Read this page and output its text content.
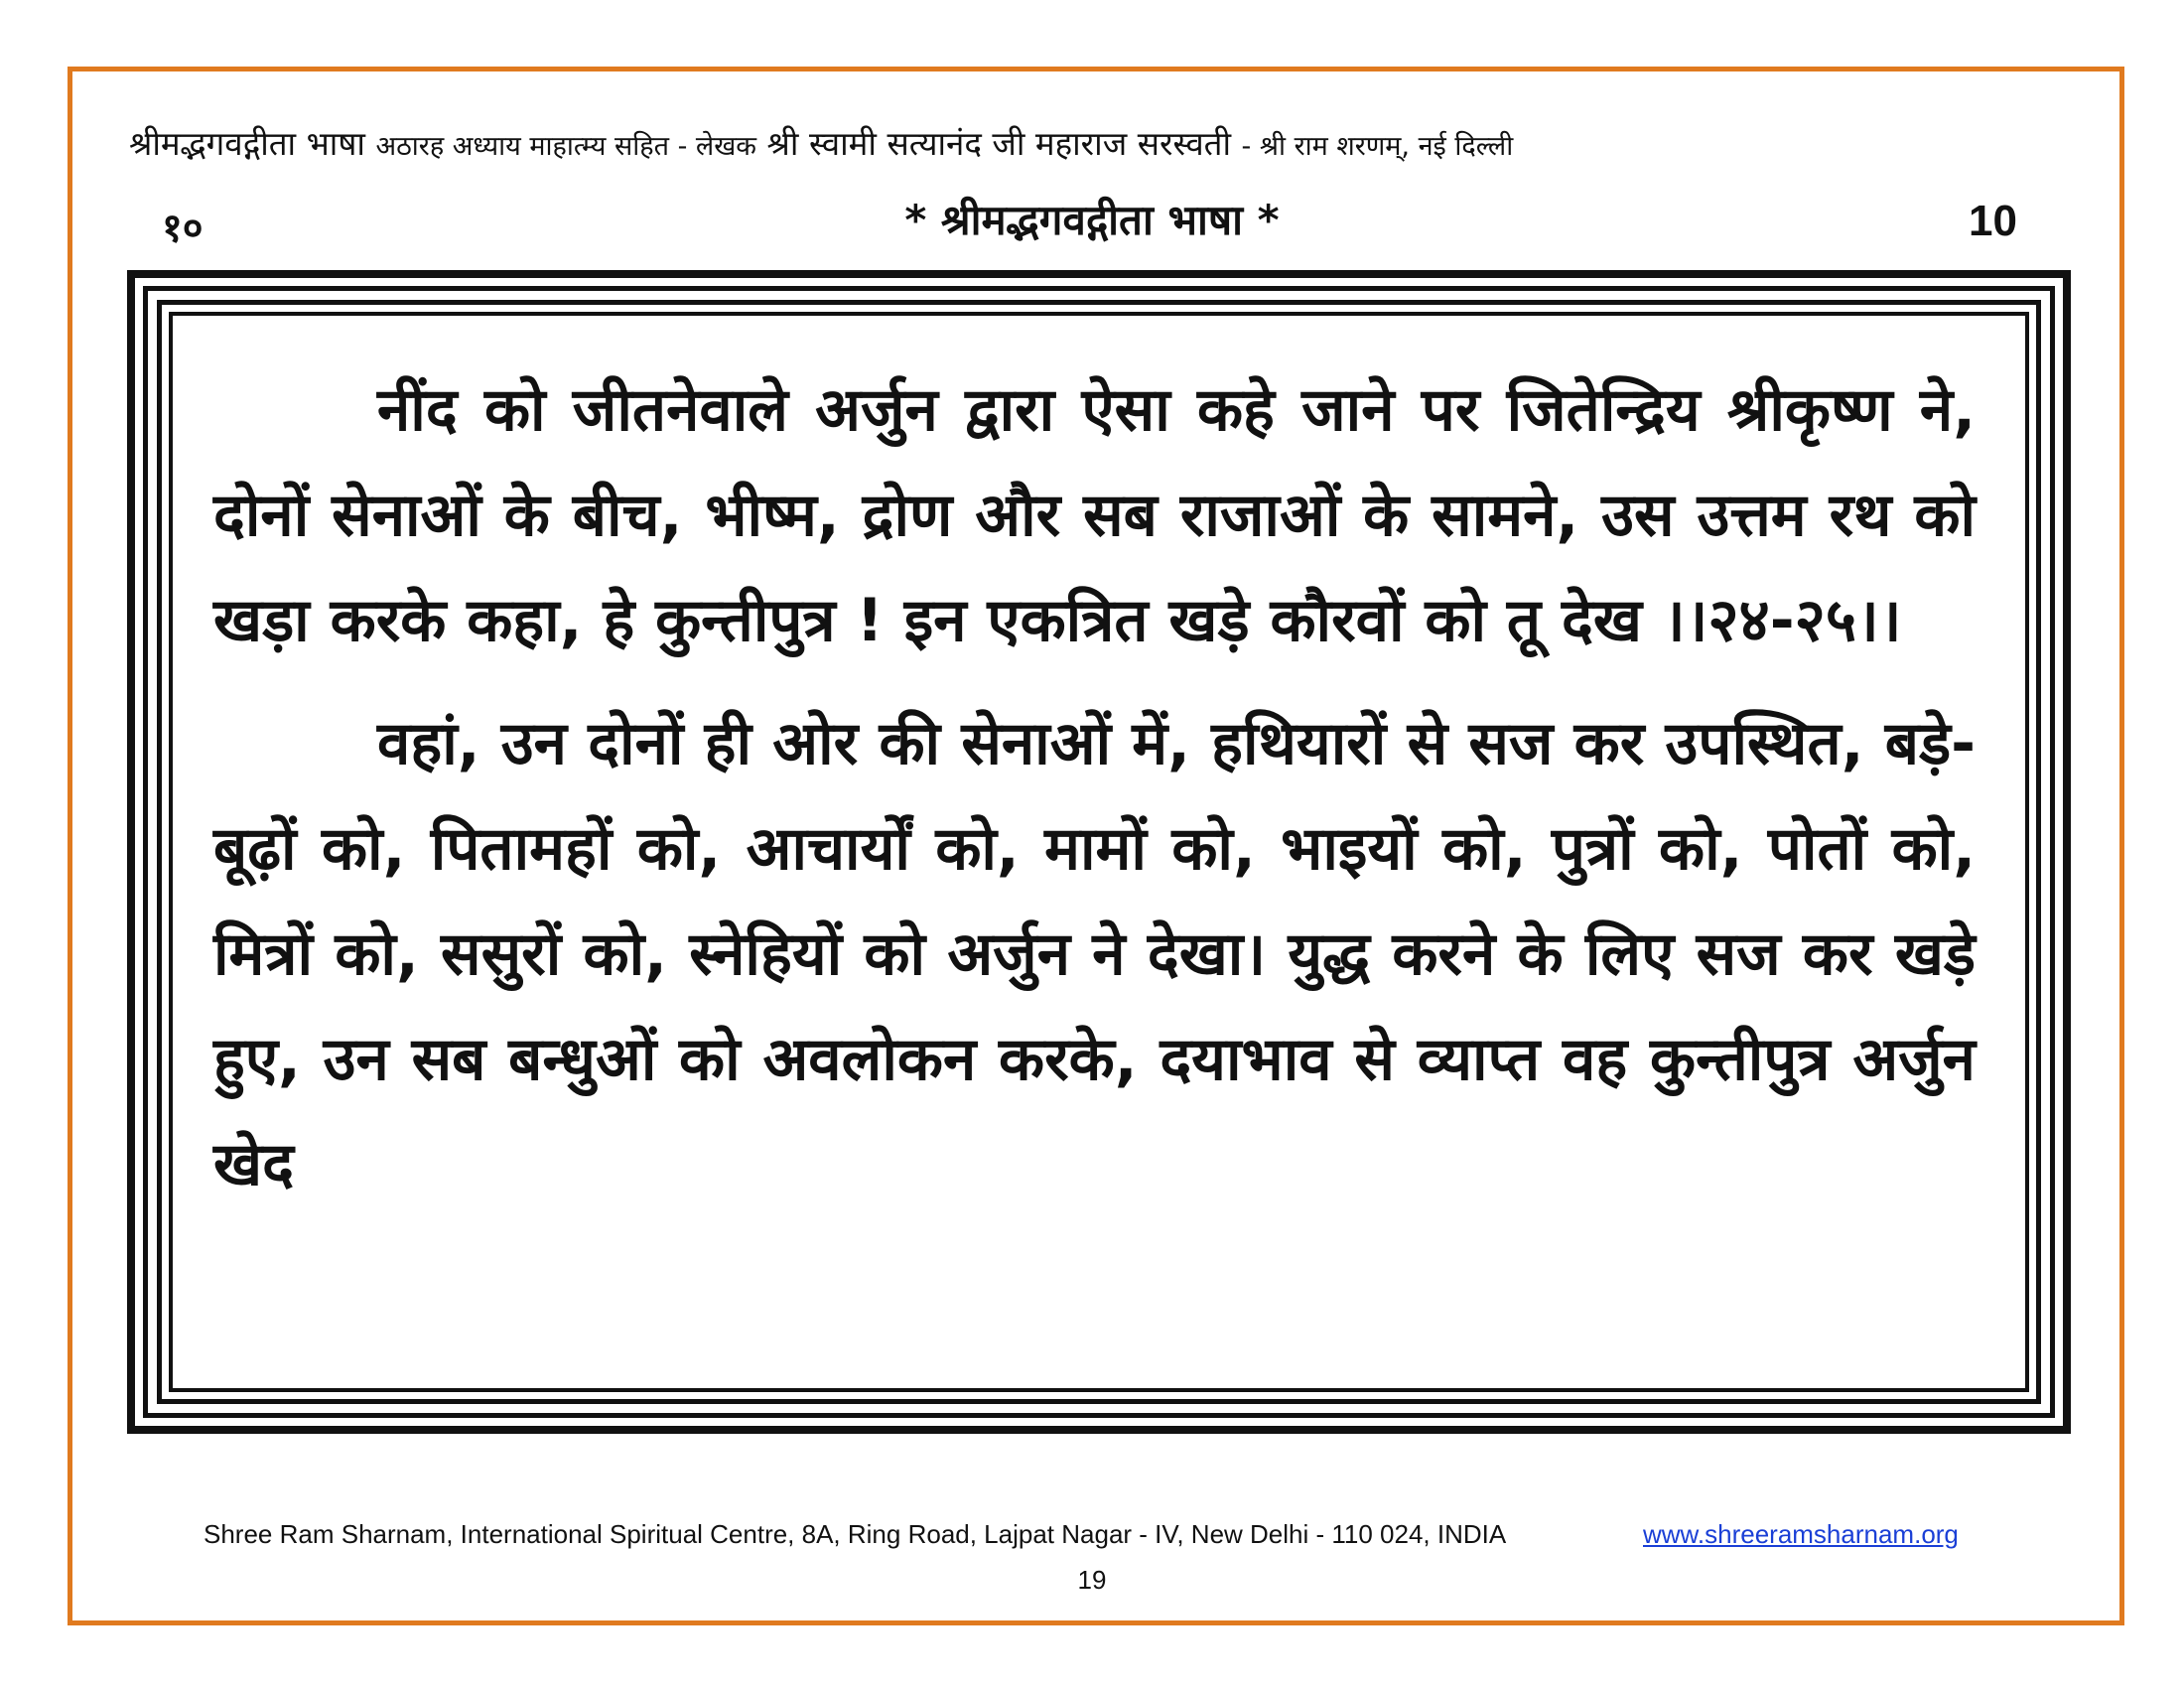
श्रीमद्भगवद्गीता भाषा अठारह अध्याय माहात्म्य सहित - लेखक श्री स्वामी सत्यानंद जी महाराज सरस्वती - श्री राम शरणम्, नई दिल्ली
१०	* श्रीमद्भगवद्गीता भाषा *	10

नींद को जीतनेवाले अर्जुन द्वारा ऐसा कहे जाने पर जितेन्द्रिय श्रीकृष्ण ने, दोनों सेनाओं के बीच, भीष्म, द्रोण और सब राजाओं के सामने, उस उत्तम रथ को खड़ा करके कहा, हे कुन्तीपुत्र ! इन एकत्रित खड़े कौरवों को तू देख ।।२४-२५।।

वहां, उन दोनों ही ओर की सेनाओं में, हथियारों से सज कर उपस्थित, बड़े-बूढ़ों को, पितामहों को, आचार्यों को, मामों को, भाइयों को, पुत्रों को, पोतों को, मित्रों को, ससुरों को, स्नेहियों को अर्जुन ने देखा। युद्ध करने के लिए सज कर खड़े हुए, उन सब बन्धुओं को अवलोकन करके, दयाभाव से व्याप्त वह कुन्तीपुत्र अर्जुन खेद

Shree Ram Sharnam, International Spiritual Centre, 8A, Ring Road, Lajpat Nagar - IV, New Delhi - 110 024, INDIA	www.shreeramsharnam.org
19
